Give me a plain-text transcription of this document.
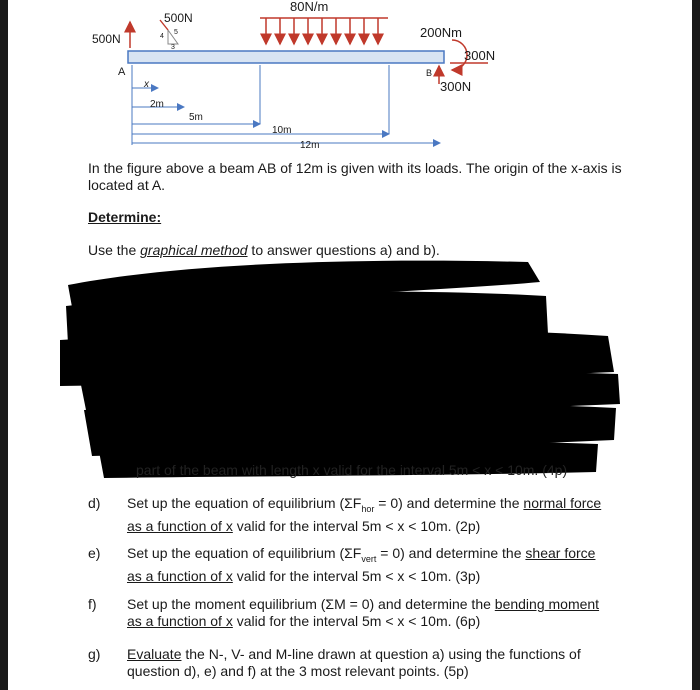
80N/m
500N
500N
4
5
3
A	B
200Nm
300N
300N
x
2m
5m
10m
12m
In the figure above a beam AB of 12m is given with its loads. The origin of the x-axis is located at A.
Determine:
Use the graphical method to answer questions a) and b).
part of the beam with length x valid for the interval 5m < x < 10m. (4p)
d)	Set up the equation of equilibrium $(\Sigma F_{hor} = 0)$ and determine the normal force
as a function of x valid for the interval 5m < x < 10m. (2p)
e)	Set up the equation of equilibrium $(\Sigma F_{vert} = 0)$ and determine the shear force
as a function of x valid for the interval 5m < x < 10m. (3p)
f)	Set up the moment equilibrium (ΣM = 0) and determine the bending moment
as a function of x valid for the interval 5m < x < 10m. (6p)
g)	Evaluate the N-, V- and M-line drawn at question a) using the functions of
question d), e) and f) at the 3 most relevant points. (5p)
